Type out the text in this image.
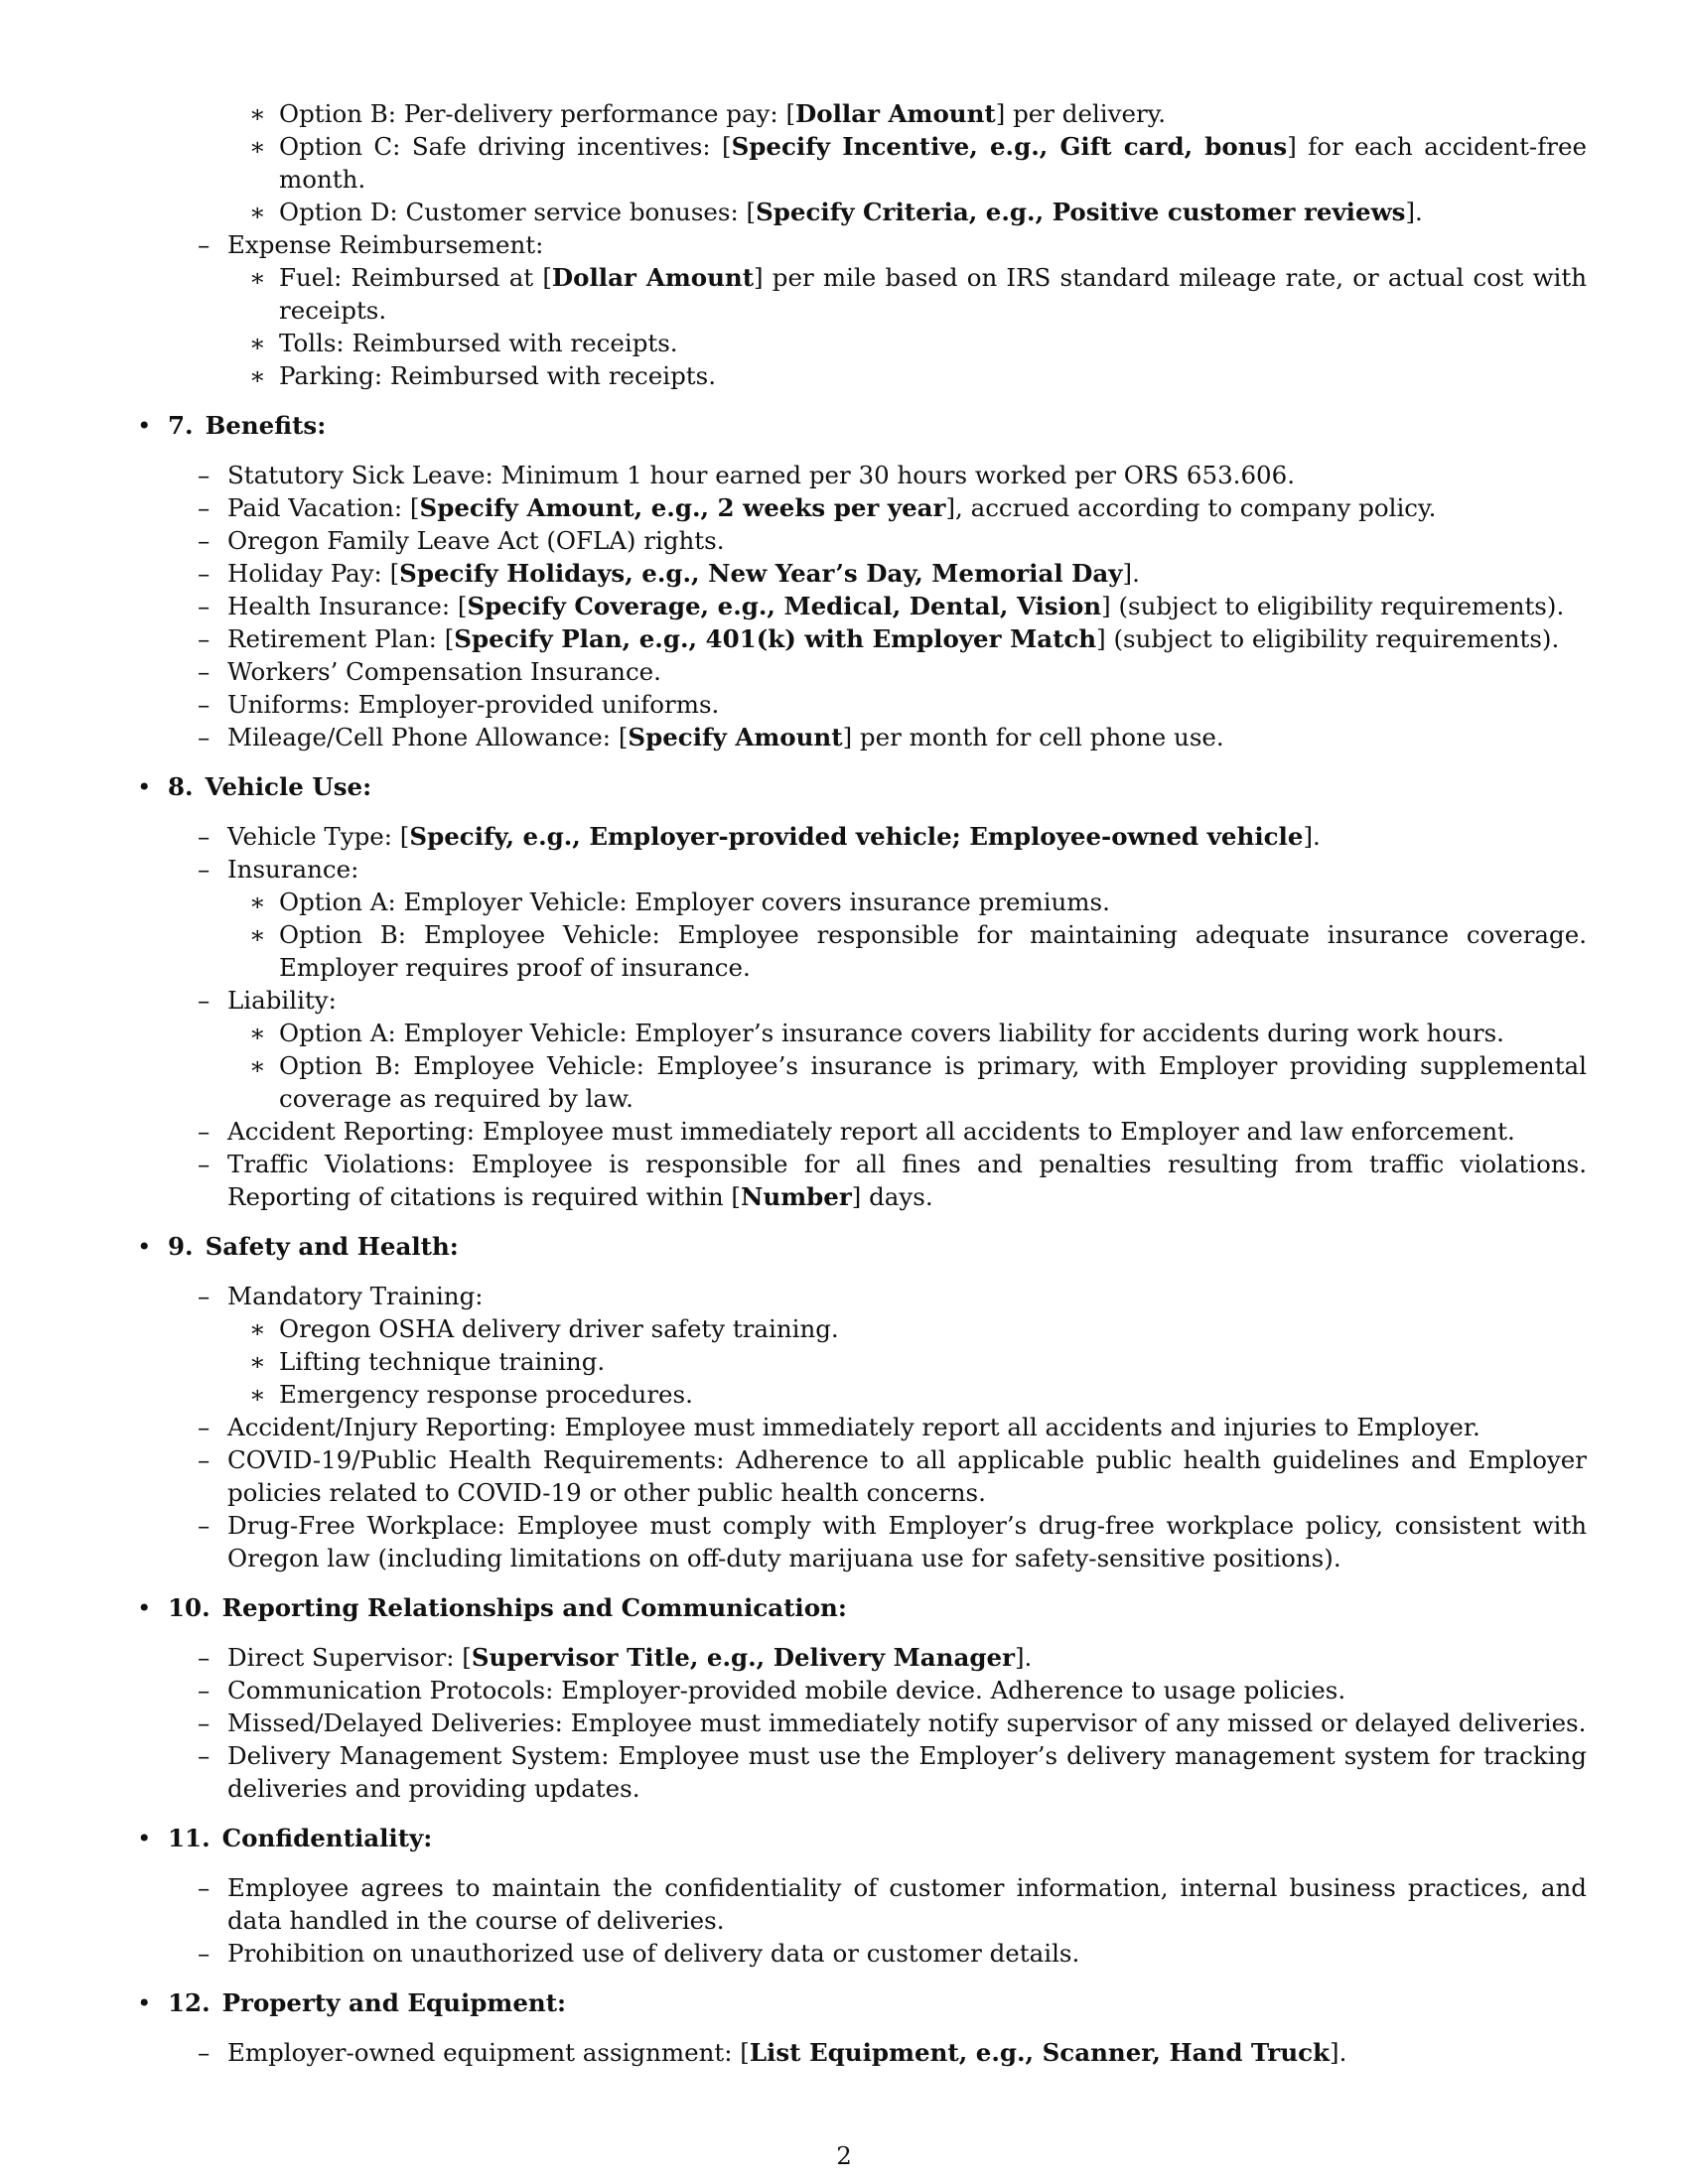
∗ Option B: Per-delivery performance pay: [Dollar Amount] per delivery.
∗ Option C: Safe driving incentives: [Specify Incentive, e.g., Gift card, bonus] for each accident-free month.
∗ Option D: Customer service bonuses: [Specify Criteria, e.g., Positive customer reviews].
– Expense Reimbursement:
∗ Fuel: Reimbursed at [Dollar Amount] per mile based on IRS standard mileage rate, or actual cost with receipts.
∗ Tolls: Reimbursed with receipts.
∗ Parking: Reimbursed with receipts.
• 7. Benefits:
– Statutory Sick Leave: Minimum 1 hour earned per 30 hours worked per ORS 653.606.
– Paid Vacation: [Specify Amount, e.g., 2 weeks per year], accrued according to company policy.
– Oregon Family Leave Act (OFLA) rights.
– Holiday Pay: [Specify Holidays, e.g., New Year’s Day, Memorial Day].
– Health Insurance: [Specify Coverage, e.g., Medical, Dental, Vision] (subject to eligibility requirements).
– Retirement Plan: [Specify Plan, e.g., 401(k) with Employer Match] (subject to eligibility requirements).
– Workers’ Compensation Insurance.
– Uniforms: Employer-provided uniforms.
– Mileage/Cell Phone Allowance: [Specify Amount] per month for cell phone use.
• 8. Vehicle Use:
– Vehicle Type: [Specify, e.g., Employer-provided vehicle; Employee-owned vehicle].
– Insurance:
∗ Option A: Employer Vehicle: Employer covers insurance premiums.
∗ Option B: Employee Vehicle: Employee responsible for maintaining adequate insurance coverage. Employer requires proof of insurance.
– Liability:
∗ Option A: Employer Vehicle: Employer’s insurance covers liability for accidents during work hours.
∗ Option B: Employee Vehicle: Employee’s insurance is primary, with Employer providing supplemental coverage as required by law.
– Accident Reporting: Employee must immediately report all accidents to Employer and law enforcement.
– Traffic Violations: Employee is responsible for all fines and penalties resulting from traffic violations. Reporting of citations is required within [Number] days.
• 9. Safety and Health:
– Mandatory Training:
∗ Oregon OSHA delivery driver safety training.
∗ Lifting technique training.
∗ Emergency response procedures.
– Accident/Injury Reporting: Employee must immediately report all accidents and injuries to Employer.
– COVID-19/Public Health Requirements: Adherence to all applicable public health guidelines and Employer policies related to COVID-19 or other public health concerns.
– Drug-Free Workplace: Employee must comply with Employer’s drug-free workplace policy, consistent with Oregon law (including limitations on off-duty marijuana use for safety-sensitive positions).
• 10. Reporting Relationships and Communication:
– Direct Supervisor: [Supervisor Title, e.g., Delivery Manager].
– Communication Protocols: Employer-provided mobile device. Adherence to usage policies.
– Missed/Delayed Deliveries: Employee must immediately notify supervisor of any missed or delayed deliveries.
– Delivery Management System: Employee must use the Employer’s delivery management system for tracking deliveries and providing updates.
• 11. Confidentiality:
– Employee agrees to maintain the confidentiality of customer information, internal business practices, and data handled in the course of deliveries.
– Prohibition on unauthorized use of delivery data or customer details.
• 12. Property and Equipment:
– Employer-owned equipment assignment: [List Equipment, e.g., Scanner, Hand Truck].
2
